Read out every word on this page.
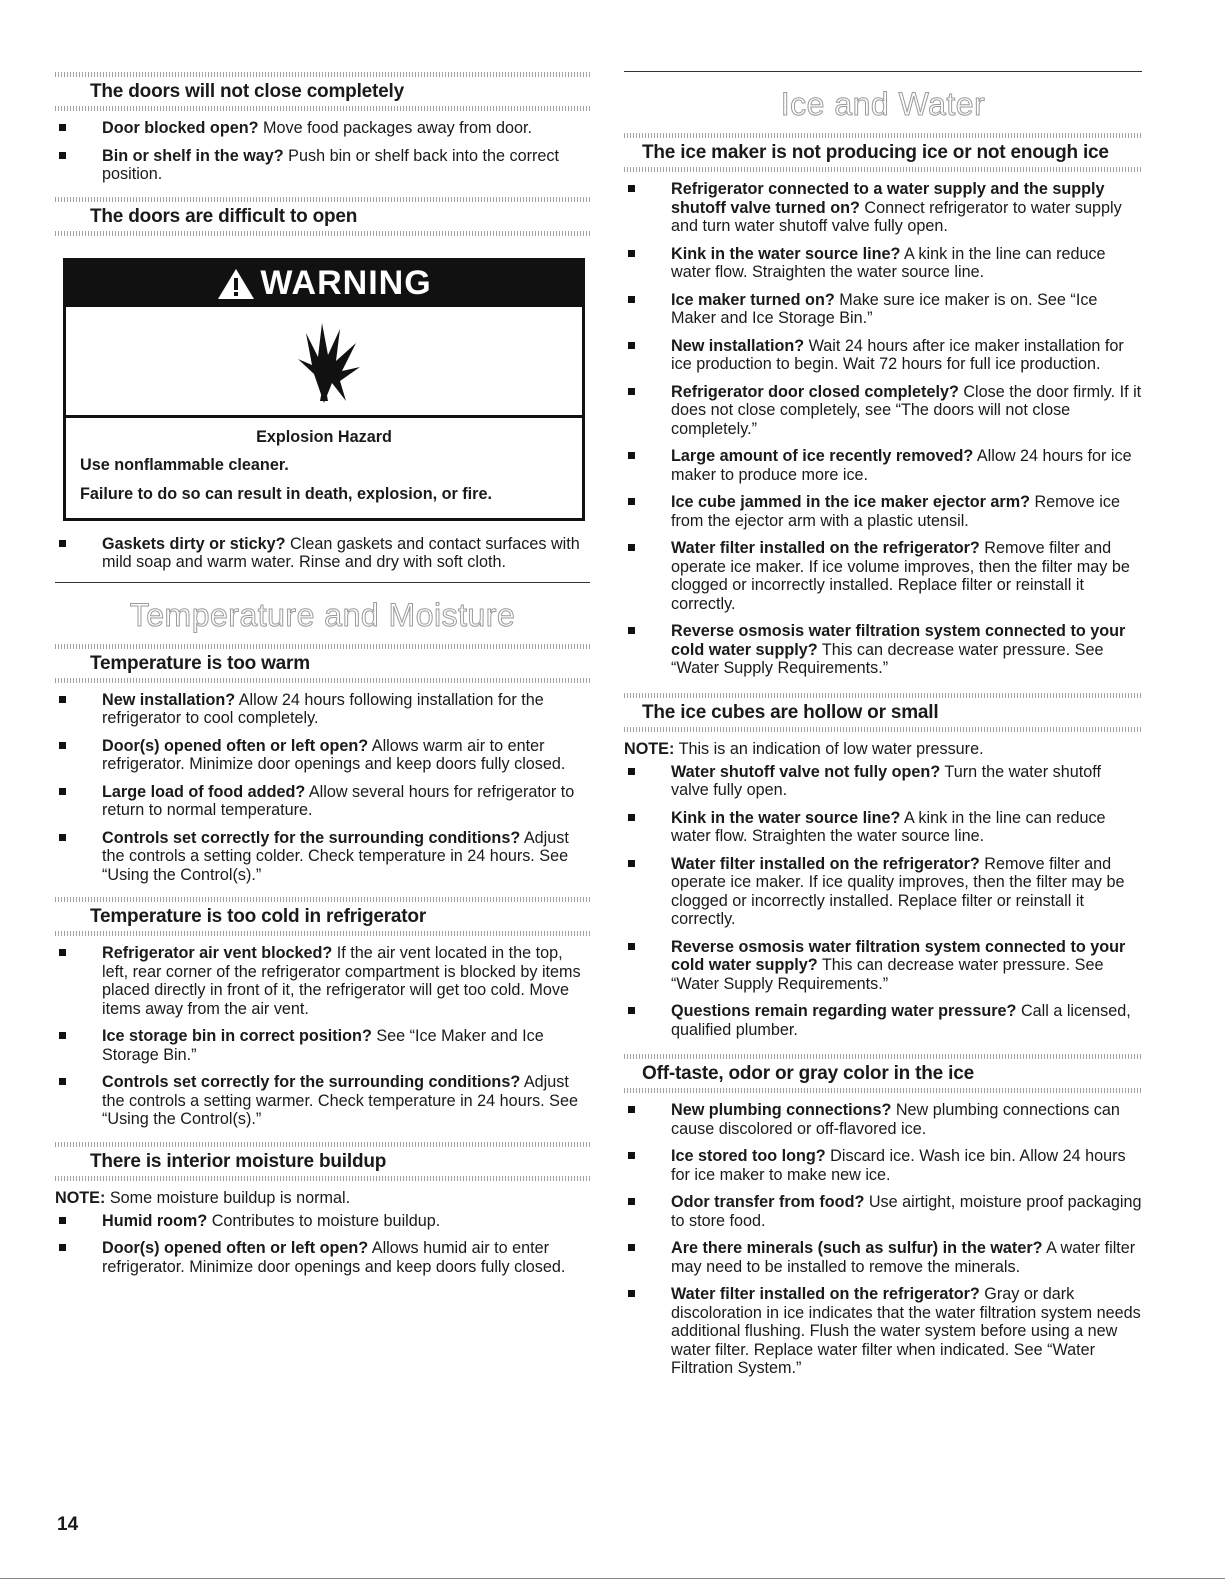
The doors will not close completely
Door blocked open? Move food packages away from door.
Bin or shelf in the way? Push bin or shelf back into the correct position.
The doors are difficult to open
WARNING
Explosion Hazard
Use nonflammable cleaner.
Failure to do so can result in death, explosion, or fire.
Gaskets dirty or sticky? Clean gaskets and contact surfaces with mild soap and warm water. Rinse and dry with soft cloth.
Temperature and Moisture
Temperature is too warm
New installation? Allow 24 hours following installation for the refrigerator to cool completely.
Door(s) opened often or left open? Allows warm air to enter refrigerator. Minimize door openings and keep doors fully closed.
Large load of food added? Allow several hours for refrigerator to return to normal temperature.
Controls set correctly for the surrounding conditions? Adjust the controls a setting colder. Check temperature in 24 hours. See “Using the Control(s).”
Temperature is too cold in refrigerator
Refrigerator air vent blocked? If the air vent located in the top, left, rear corner of the refrigerator compartment is blocked by items placed directly in front of it, the refrigerator will get too cold. Move items away from the air vent.
Ice storage bin in correct position? See “Ice Maker and Ice Storage Bin.”
Controls set correctly for the surrounding conditions? Adjust the controls a setting warmer. Check temperature in 24 hours. See “Using the Control(s).”
There is interior moisture buildup
NOTE: Some moisture buildup is normal.
Humid room? Contributes to moisture buildup.
Door(s) opened often or left open? Allows humid air to enter refrigerator. Minimize door openings and keep doors fully closed.
Ice and Water
The ice maker is not producing ice or not enough ice
Refrigerator connected to a water supply and the supply shutoff valve turned on? Connect refrigerator to water supply and turn water shutoff valve fully open.
Kink in the water source line? A kink in the line can reduce water flow. Straighten the water source line.
Ice maker turned on? Make sure ice maker is on. See “Ice Maker and Ice Storage Bin.”
New installation? Wait 24 hours after ice maker installation for ice production to begin. Wait 72 hours for full ice production.
Refrigerator door closed completely? Close the door firmly. If it does not close completely, see “The doors will not close completely.”
Large amount of ice recently removed? Allow 24 hours for ice maker to produce more ice.
Ice cube jammed in the ice maker ejector arm? Remove ice from the ejector arm with a plastic utensil.
Water filter installed on the refrigerator? Remove filter and operate ice maker. If ice volume improves, then the filter may be clogged or incorrectly installed. Replace filter or reinstall it correctly.
Reverse osmosis water filtration system connected to your cold water supply? This can decrease water pressure. See “Water Supply Requirements.”
The ice cubes are hollow or small
NOTE: This is an indication of low water pressure.
Water shutoff valve not fully open? Turn the water shutoff valve fully open.
Kink in the water source line? A kink in the line can reduce water flow. Straighten the water source line.
Water filter installed on the refrigerator? Remove filter and operate ice maker. If ice quality improves, then the filter may be clogged or incorrectly installed. Replace filter or reinstall it correctly.
Reverse osmosis water filtration system connected to your cold water supply? This can decrease water pressure. See “Water Supply Requirements.”
Questions remain regarding water pressure? Call a licensed, qualified plumber.
Off-taste, odor or gray color in the ice
New plumbing connections? New plumbing connections can cause discolored or off-flavored ice.
Ice stored too long? Discard ice. Wash ice bin. Allow 24 hours for ice maker to make new ice.
Odor transfer from food? Use airtight, moisture proof packaging to store food.
Are there minerals (such as sulfur) in the water? A water filter may need to be installed to remove the minerals.
Water filter installed on the refrigerator? Gray or dark discoloration in ice indicates that the water filtration system needs additional flushing. Flush the water system before using a new water filter. Replace water filter when indicated. See “Water Filtration System.”
14
